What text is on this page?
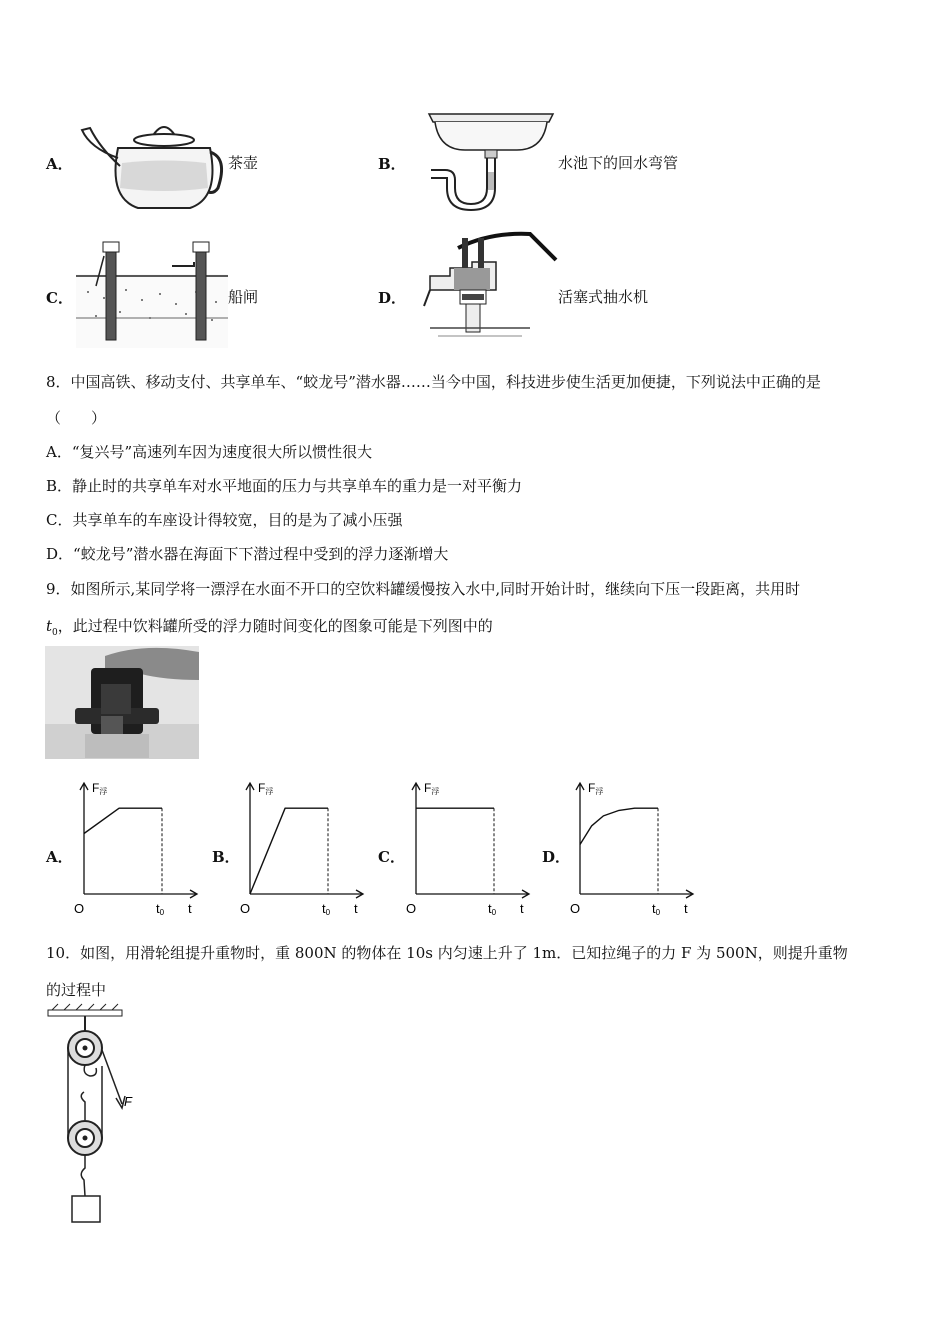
A．	茶壶	B．	水池下的回水弯管
C．	船闸	D．	活塞式抽水机
8．中国高铁、移动支付、共享单车、“蛟龙号”潜水器……当今中国，科技进步使生活更加便捷，下列说法中正确的是
（　　）
A．“复兴号”高速列车因为速度很大所以惯性很大
B．静止时的共享单车对水平地面的压力与共享单车的重力是一对平衡力
C．共享单车的车座设计得较宽，目的是为了减小压强
D．“蛟龙号”潜水器在海面下下潜过程中受到的浮力逐渐增大
9．如图所示,某同学将一漂浮在水面不开口的空饮料罐缓慢按入水中,同时开始计时，继续向下压一段距离，共用时
$t_0$，此过程中饮料罐所受的浮力随时间变化的图象可能是下列图中的
A．	B．	C．	D．
F浮
O	t0 t
F浮
O	t0 t
F浮
O	t0 t
F浮
O	t0 t
10．如图，用滑轮组提升重物时，重 800N 的物体在 10s 内匀速上升了 1m．已知拉绳子的力 F 为 500N，则提升重物
的过程中
F
